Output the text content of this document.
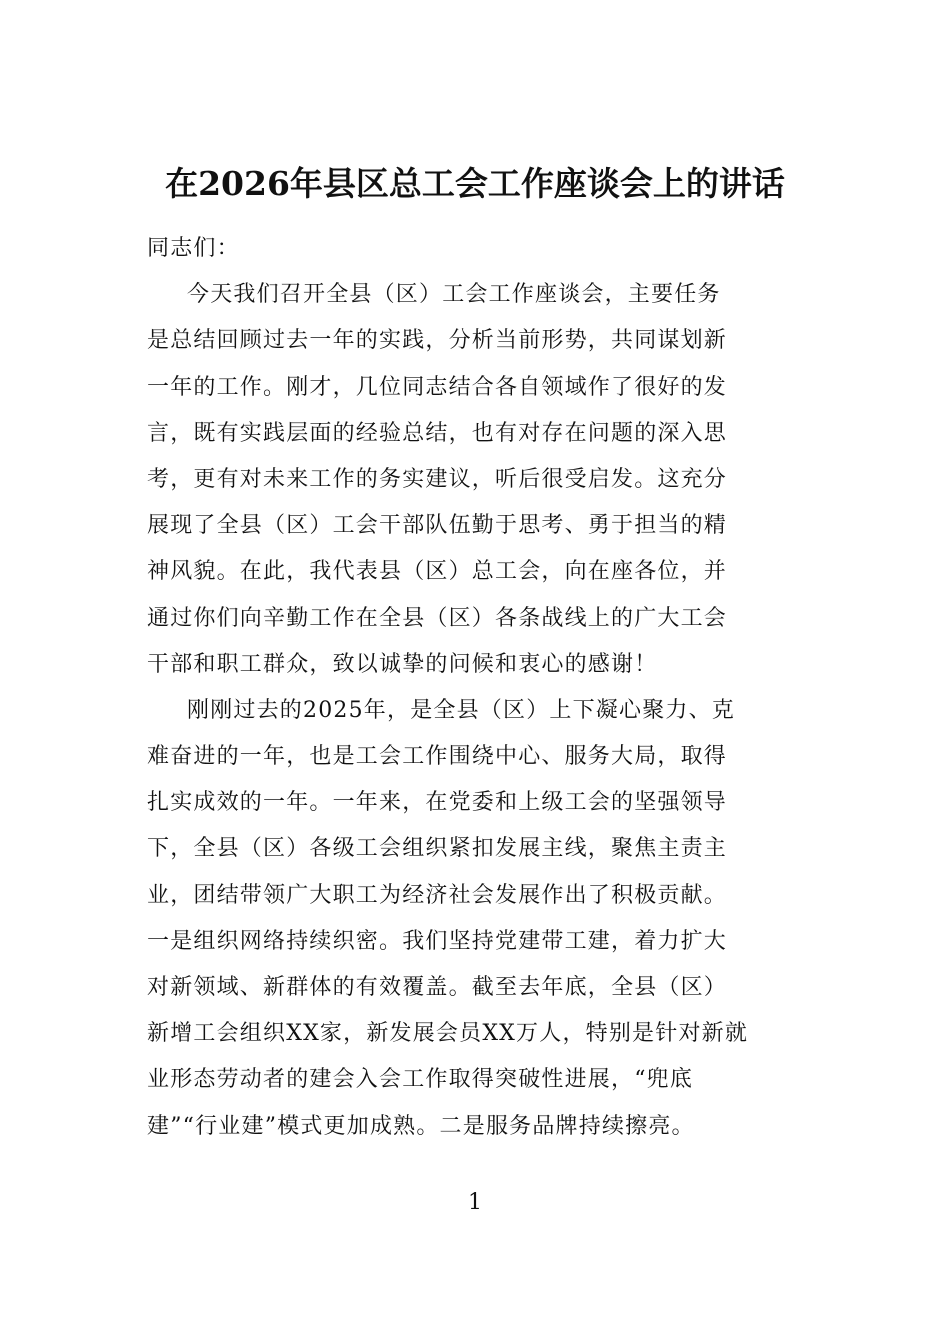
在2026年县区总工会工作座谈会上的讲话
同志们：
今天我们召开全县（区）工会工作座谈会，主要任务
是总结回顾过去一年的实践，分析当前形势，共同谋划新
一年的工作。刚才，几位同志结合各自领域作了很好的发
言，既有实践层面的经验总结，也有对存在问题的深入思
考，更有对未来工作的务实建议，听后很受启发。这充分
展现了全县（区）工会干部队伍勤于思考、勇于担当的精
神风貌。在此，我代表县（区）总工会，向在座各位，并
通过你们向辛勤工作在全县（区）各条战线上的广大工会
干部和职工群众，致以诚挚的问候和衷心的感谢！
刚刚过去的2025年，是全县（区）上下凝心聚力、克
难奋进的一年，也是工会工作围绕中心、服务大局，取得
扎实成效的一年。一年来，在党委和上级工会的坚强领导
下，全县（区）各级工会组织紧扣发展主线，聚焦主责主
业，团结带领广大职工为经济社会发展作出了积极贡献。
一是组织网络持续织密。我们坚持党建带工建，着力扩大
对新领域、新群体的有效覆盖。截至去年底，全县（区）
新增工会组织XX家，新发展会员XX万人，特别是针对新就
业形态劳动者的建会入会工作取得突破性进展，“兜底
建”“行业建”模式更加成熟。二是服务品牌持续擦亮。
1
